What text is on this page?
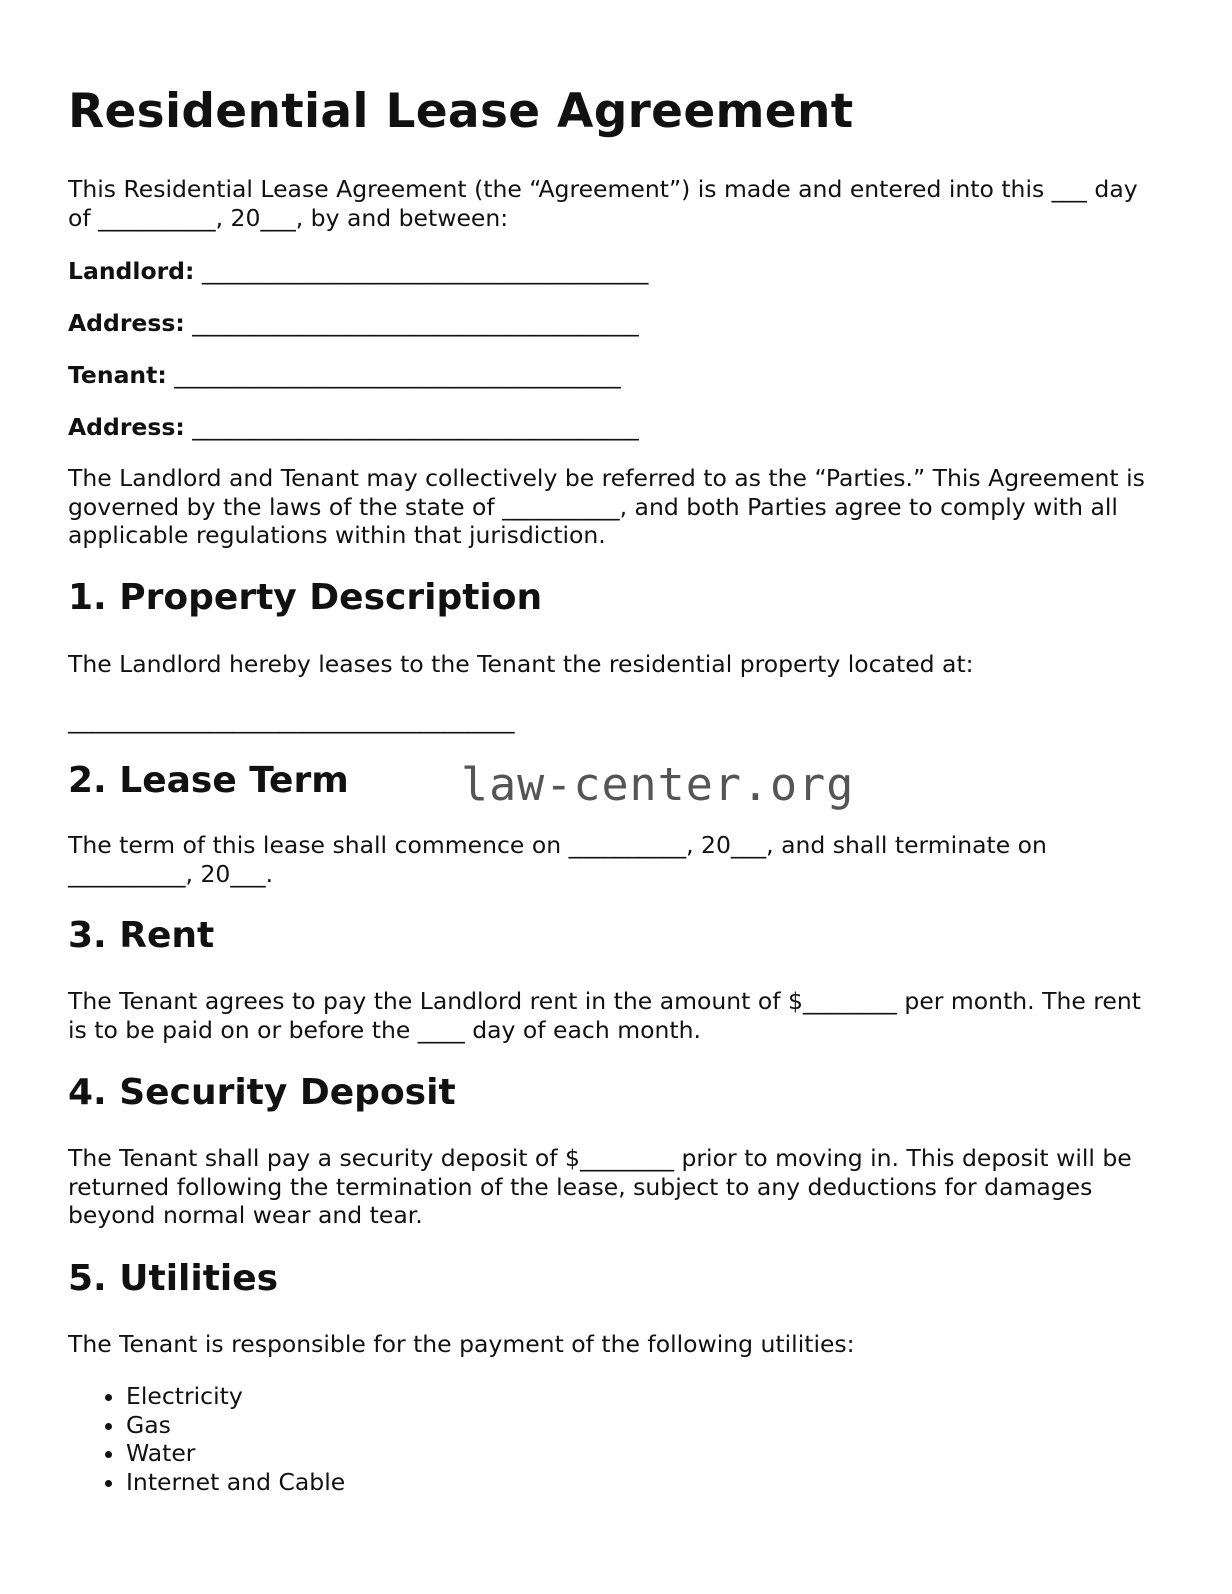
Residential Lease Agreement

This Residential Lease Agreement (the “Agreement”) is made and entered into this ___ day of __________, 20___, by and between:

Landlord: ______________________________________
Address: ______________________________________
Tenant: ______________________________________
Address: ______________________________________

The Landlord and Tenant may collectively be referred to as the “Parties.” This Agreement is governed by the laws of the state of __________, and both Parties agree to comply with all applicable regulations within that jurisdiction.

1. Property Description

The Landlord hereby leases to the Tenant the residential property located at:

______________________________________
2. Lease Term law-center.org

The term of this lease shall commence on __________, 20___, and shall terminate on __________, 20___.

3. Rent

The Tenant agrees to pay the Landlord rent in the amount of $________ per month. The rent is to be paid on or before the ____ day of each month.

4. Security Deposit

The Tenant shall pay a security deposit of $________ prior to moving in. This deposit will be returned following the termination of the lease, subject to any deductions for damages beyond normal wear and tear.

5. Utilities

The Tenant is responsible for the payment of the following utilities:

• Electricity
• Gas
• Water
• Internet and Cable
